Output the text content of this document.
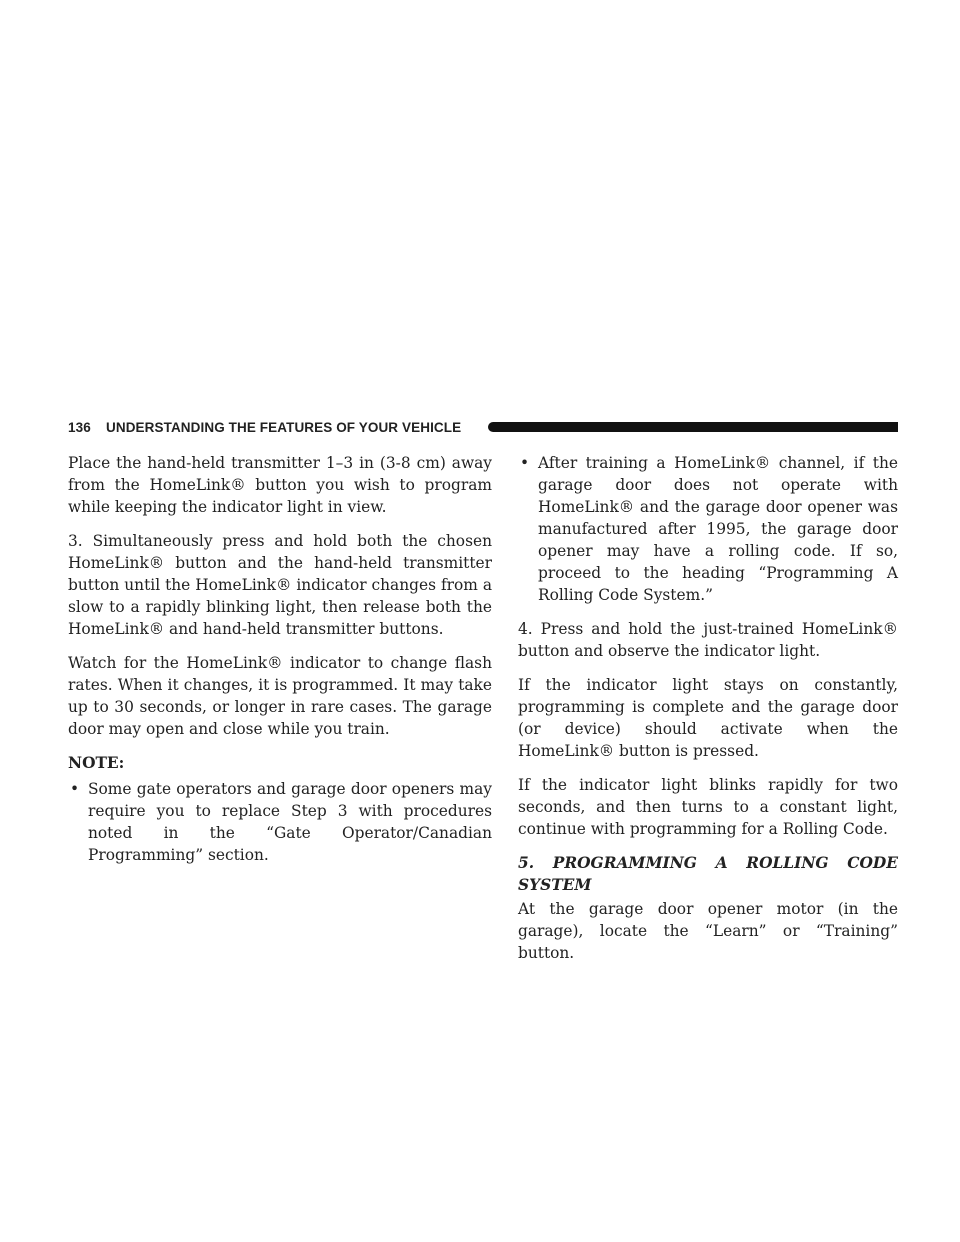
136 UNDERSTANDING THE FEATURES OF YOUR VEHICLE

Place the hand-held transmitter 1–3 in (3-8 cm) away from the HomeLink® button you wish to program while keeping the indicator light in view.

3. Simultaneously press and hold both the chosen HomeLink® button and the hand-held transmitter button until the HomeLink® indicator changes from a slow to a rapidly blinking light, then release both the HomeLink® and hand-held transmitter buttons.

Watch for the HomeLink® indicator to change flash rates. When it changes, it is programmed. It may take up to 30 seconds, or longer in rare cases. The garage door may open and close while you train.

NOTE:

• Some gate operators and garage door openers may require you to replace Step 3 with procedures noted in the “Gate Operator/Canadian Programming” section.
• After training a HomeLink® channel, if the garage door does not operate with HomeLink® and the garage door opener was manufactured after 1995, the garage door opener may have a rolling code. If so, proceed to the heading “Programming A Rolling Code System.”

4. Press and hold the just-trained HomeLink® button and observe the indicator light.

If the indicator light stays on constantly, programming is complete and the garage door (or device) should activate when the HomeLink® button is pressed.

If the indicator light blinks rapidly for two seconds, and then turns to a constant light, continue with programming for a Rolling Code.

5. PROGRAMMING A ROLLING CODE SYSTEM

At the garage door opener motor (in the garage), locate the “Learn” or “Training” button.
